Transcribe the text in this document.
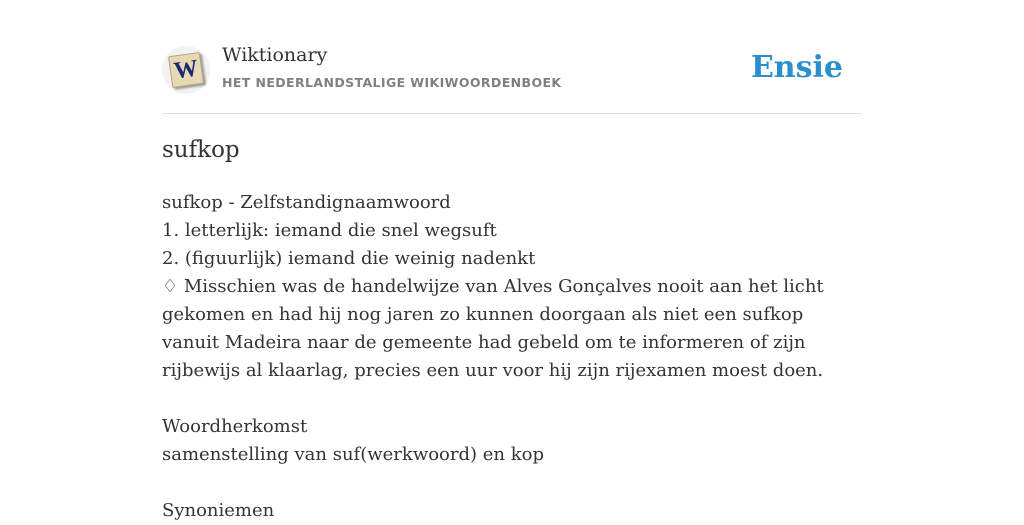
W
Wiktionary
HET NEDERLANDSTALIGE WIKIWOORDENBOEK	Ensie
sufkop

sufkop - Zelfstandignaamwoord

1. letterlijk: iemand die snel wegsuft

2. (figuurlijk) iemand die weinig nadenkt

♢ Misschien was de handelwijze van Alves Gonçalves nooit aan het licht gekomen en had hij nog jaren zo kunnen doorgaan als niet een sufkop vanuit Madeira naar de gemeente had gebeld om te informeren of zijn rijbewijs al klaarlag, precies een uur voor hij zijn rijexamen moest doen.

Woordherkomst

samenstelling van suf(werkwoord) en kop

Synoniemen
